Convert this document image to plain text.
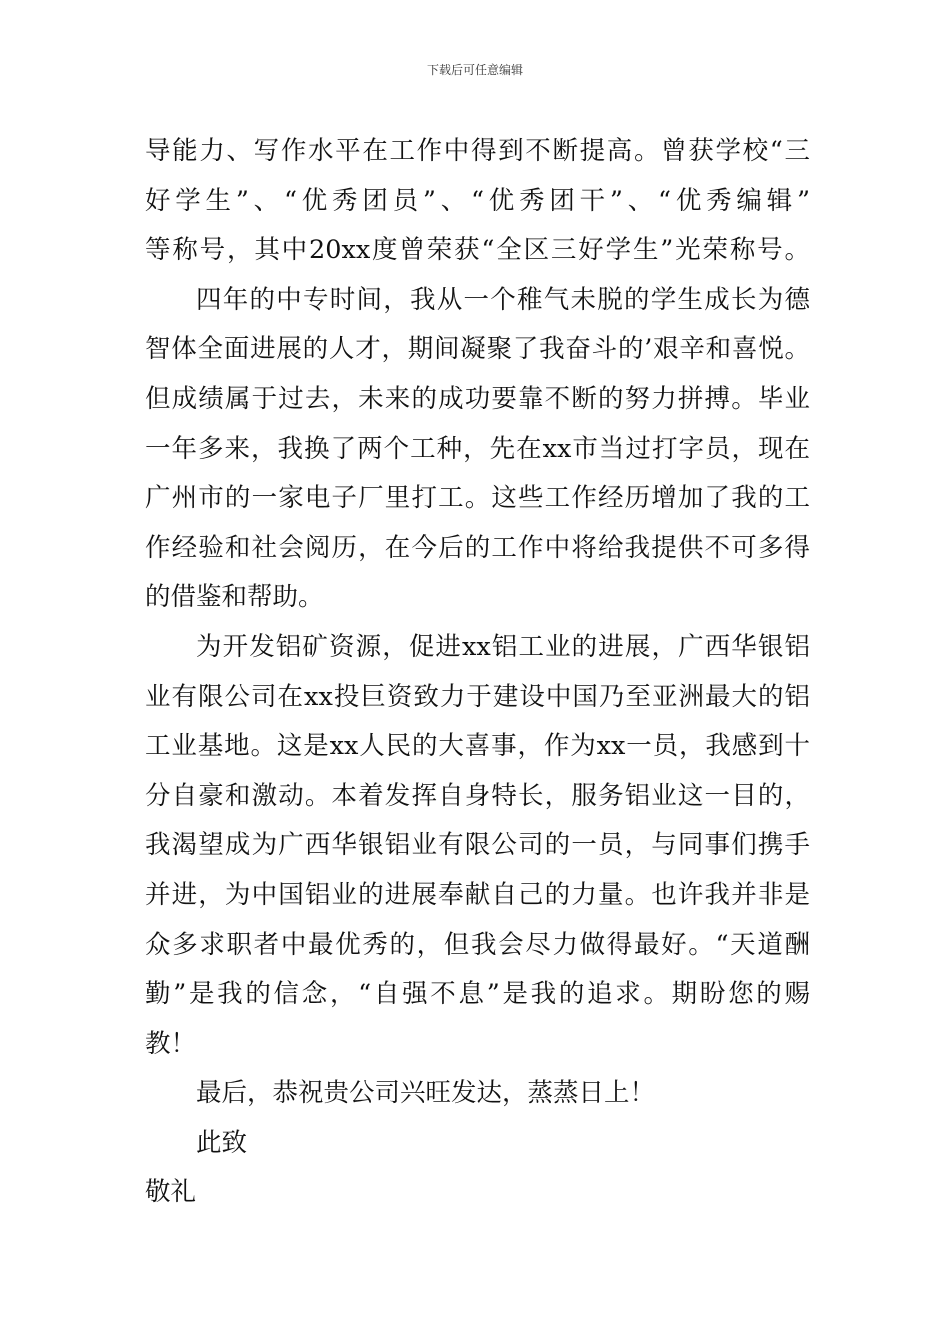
下载后可任意编辑
导能力、写作水平在工作中得到不断提高。曾获学校“三
好学生”、“优秀团员”、“优秀团干”、“优秀编辑”
等称号，其中20xx度曾荣获“全区三好学生”光荣称号。
四年的中专时间，我从一个稚气未脱的学生成长为德
智体全面进展的人才，期间凝聚了我奋斗的’艰辛和喜悦。
但成绩属于过去，未来的成功要靠不断的努力拼搏。毕业
一年多来，我换了两个工种，先在xx市当过打字员，现在
广州市的一家电子厂里打工。这些工作经历增加了我的工
作经验和社会阅历，在今后的工作中将给我提供不可多得
的借鉴和帮助。
为开发铝矿资源，促进xx铝工业的进展，广西华银铝
业有限公司在xx投巨资致力于建设中国乃至亚洲最大的铝
工业基地。这是xx人民的大喜事，作为xx一员，我感到十
分自豪和激动。本着发挥自身特长，服务铝业这一目的，
我渴望成为广西华银铝业有限公司的一员，与同事们携手
并进，为中国铝业的进展奉献自己的力量。也许我并非是
众多求职者中最优秀的，但我会尽力做得最好。“天道酬
勤”是我的信念，“自强不息”是我的追求。期盼您的赐
教！
最后，恭祝贵公司兴旺发达，蒸蒸日上！
此致
敬礼
